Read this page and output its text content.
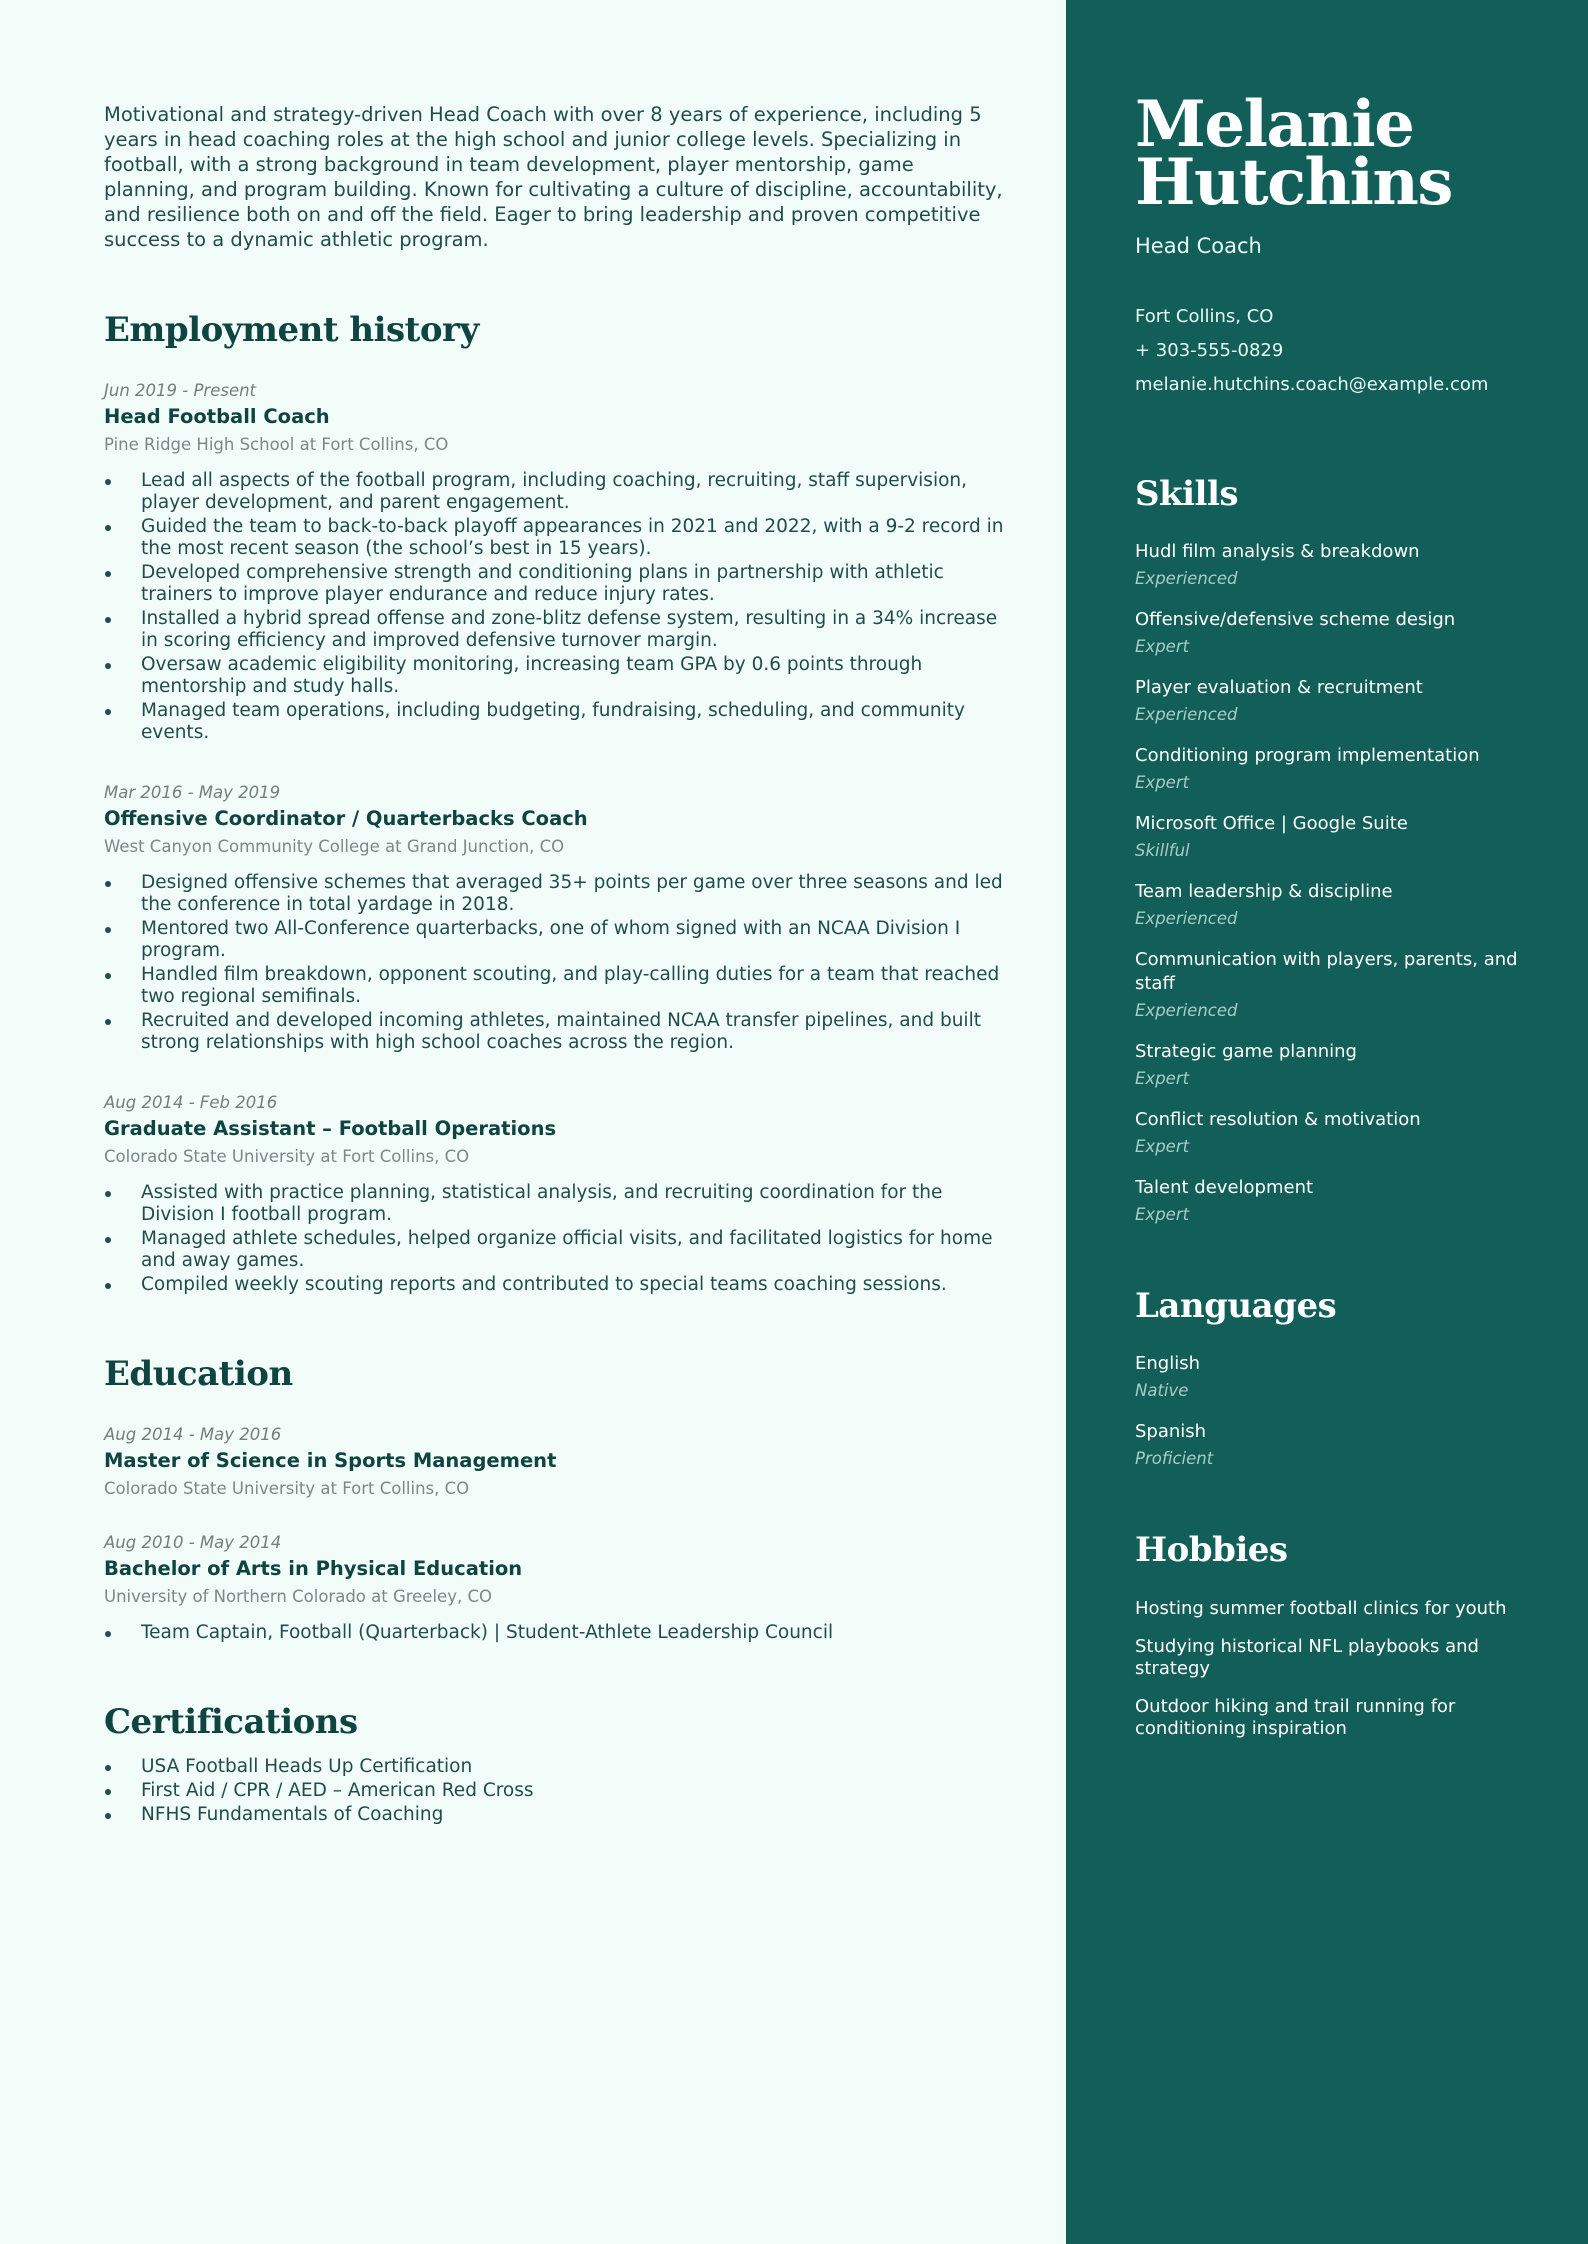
Motivational and strategy-driven Head Coach with over 8 years of experience, including 5 years in head coaching roles at the high school and junior college levels. Specializing in football, with a strong background in team development, player mentorship, game planning, and program building. Known for cultivating a culture of discipline, accountability, and resilience both on and off the field. Eager to bring leadership and proven competitive success to a dynamic athletic program.

Employment history

Jun 2019 - Present

Head Football Coach

Pine Ridge High School at Fort Collins, CO

Lead all aspects of the football program, including coaching, recruiting, staff supervision, player development, and parent engagement.
Guided the team to back-to-back playoff appearances in 2021 and 2022, with a 9-2 record in the most recent season (the school’s best in 15 years).
Developed comprehensive strength and conditioning plans in partnership with athletic trainers to improve player endurance and reduce injury rates.
Installed a hybrid spread offense and zone-blitz defense system, resulting in a 34% increase in scoring efficiency and improved defensive turnover margin.
Oversaw academic eligibility monitoring, increasing team GPA by 0.6 points through mentorship and study halls.
Managed team operations, including budgeting, fundraising, scheduling, and community events.

Mar 2016 - May 2019

Offensive Coordinator / Quarterbacks Coach

West Canyon Community College at Grand Junction, CO

Designed offensive schemes that averaged 35+ points per game over three seasons and led the conference in total yardage in 2018.
Mentored two All-Conference quarterbacks, one of whom signed with an NCAA Division I program.
Handled film breakdown, opponent scouting, and play-calling duties for a team that reached two regional semifinals.
Recruited and developed incoming athletes, maintained NCAA transfer pipelines, and built strong relationships with high school coaches across the region.

Aug 2014 - Feb 2016

Graduate Assistant – Football Operations

Colorado State University at Fort Collins, CO

Assisted with practice planning, statistical analysis, and recruiting coordination for the Division I football program.
Managed athlete schedules, helped organize official visits, and facilitated logistics for home and away games.
Compiled weekly scouting reports and contributed to special teams coaching sessions.
Education

Aug 2014 - May 2016

Master of Science in Sports Management

Colorado State University at Fort Collins, CO

Aug 2010 - May 2014

Bachelor of Arts in Physical Education

University of Northern Colorado at Greeley, CO

Team Captain, Football (Quarterback) | Student-Athlete Leadership Council
Certifications
USA Football Heads Up Certification
First Aid / CPR / AED – American Red Cross
NFHS Fundamentals of Coaching
Melanie
Hutchins

Head Coach

Fort Collins, CO
+ 303-555-0829
melanie.hutchins.coach@example.com
Skills
Hudl film analysis & breakdown
Experienced
Offensive/defensive scheme design
Expert
Player evaluation & recruitment
Experienced
Conditioning program implementation
Expert
Microsoft Office | Google Suite
Skillful
Team leadership & discipline
Experienced
Communication with players, parents, and staff
Experienced
Strategic game planning
Expert
Conflict resolution & motivation
Expert
Talent development
Expert
Languages
English
Native
Spanish
Proficient
Hobbies
Hosting summer football clinics for youth
Studying historical NFL playbooks and strategy
Outdoor hiking and trail running for conditioning inspiration
